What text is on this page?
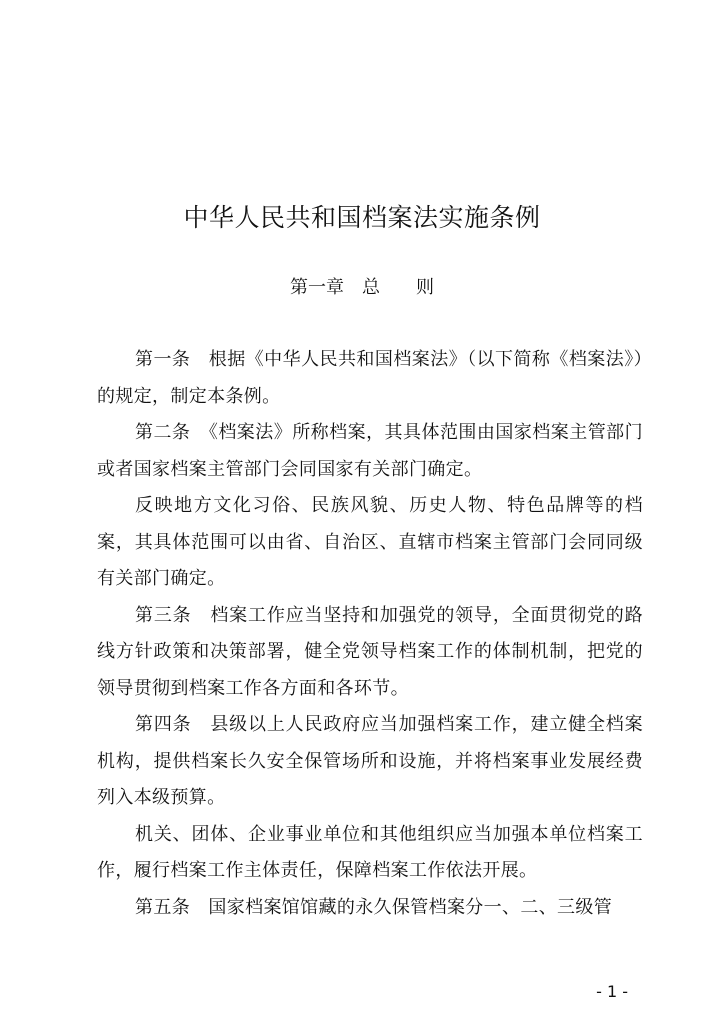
中华人民共和国档案法实施条例
第一章　总　　则

第一条　根据《中华人民共和国档案法》（以下简称《档案法》）的规定，制定本条例。

第二条　《档案法》所称档案，其具体范围由国家档案主管部门或者国家档案主管部门会同国家有关部门确定。

反映地方文化习俗、民族风貌、历史人物、特色品牌等的档案，其具体范围可以由省、自治区、直辖市档案主管部门会同同级有关部门确定。

第三条　档案工作应当坚持和加强党的领导，全面贯彻党的路线方针政策和决策部署，健全党领导档案工作的体制机制，把党的领导贯彻到档案工作各方面和各环节。

第四条　县级以上人民政府应当加强档案工作，建立健全档案机构，提供档案长久安全保管场所和设施，并将档案事业发展经费列入本级预算。

机关、团体、企业事业单位和其他组织应当加强本单位档案工作，履行档案工作主体责任，保障档案工作依法开展。

第五条　国家档案馆馆藏的永久保管档案分一、二、三级管

- 1 -
